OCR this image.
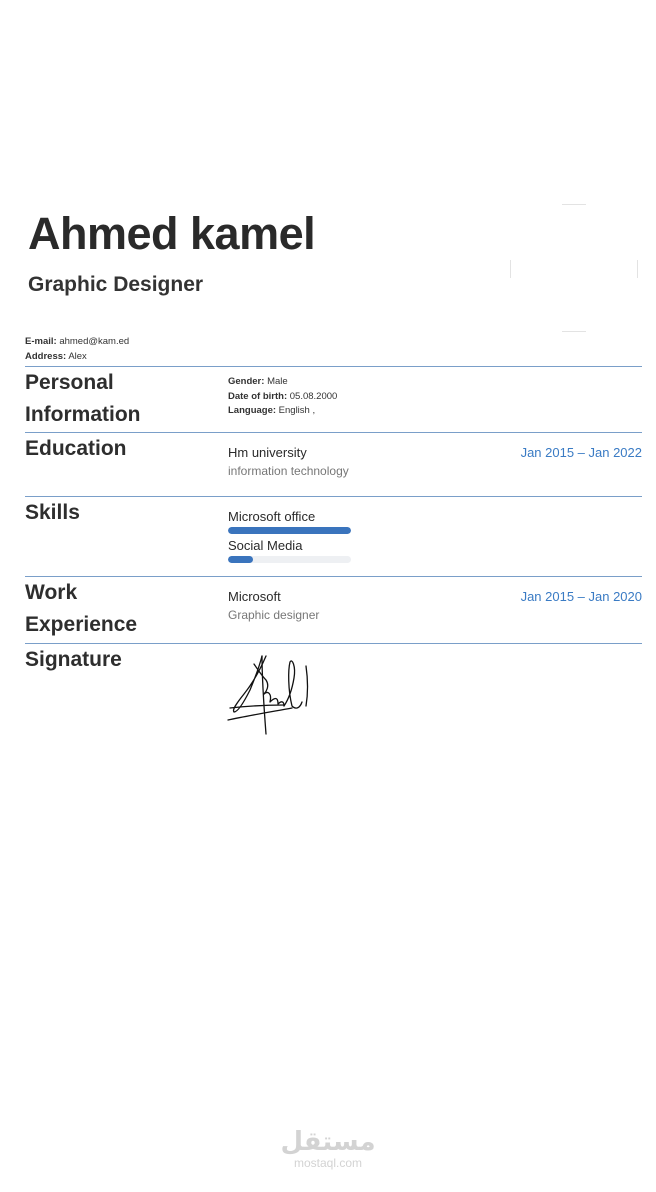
Ahmed kamel
Graphic Designer
E-mail: ahmed@kam.ed
Address: Alex
Personal
Information
Gender: Male
Date of birth: 05.08.2000
Language: English ,
Education	Hm university
information technology
Jan 2015 – Jan 2022
Skills	Microsoft office
Social Media
Work
Experience
Microsoft
Graphic designer
Jan 2015 – Jan 2020
Signature
مستقل
mostaql.com
